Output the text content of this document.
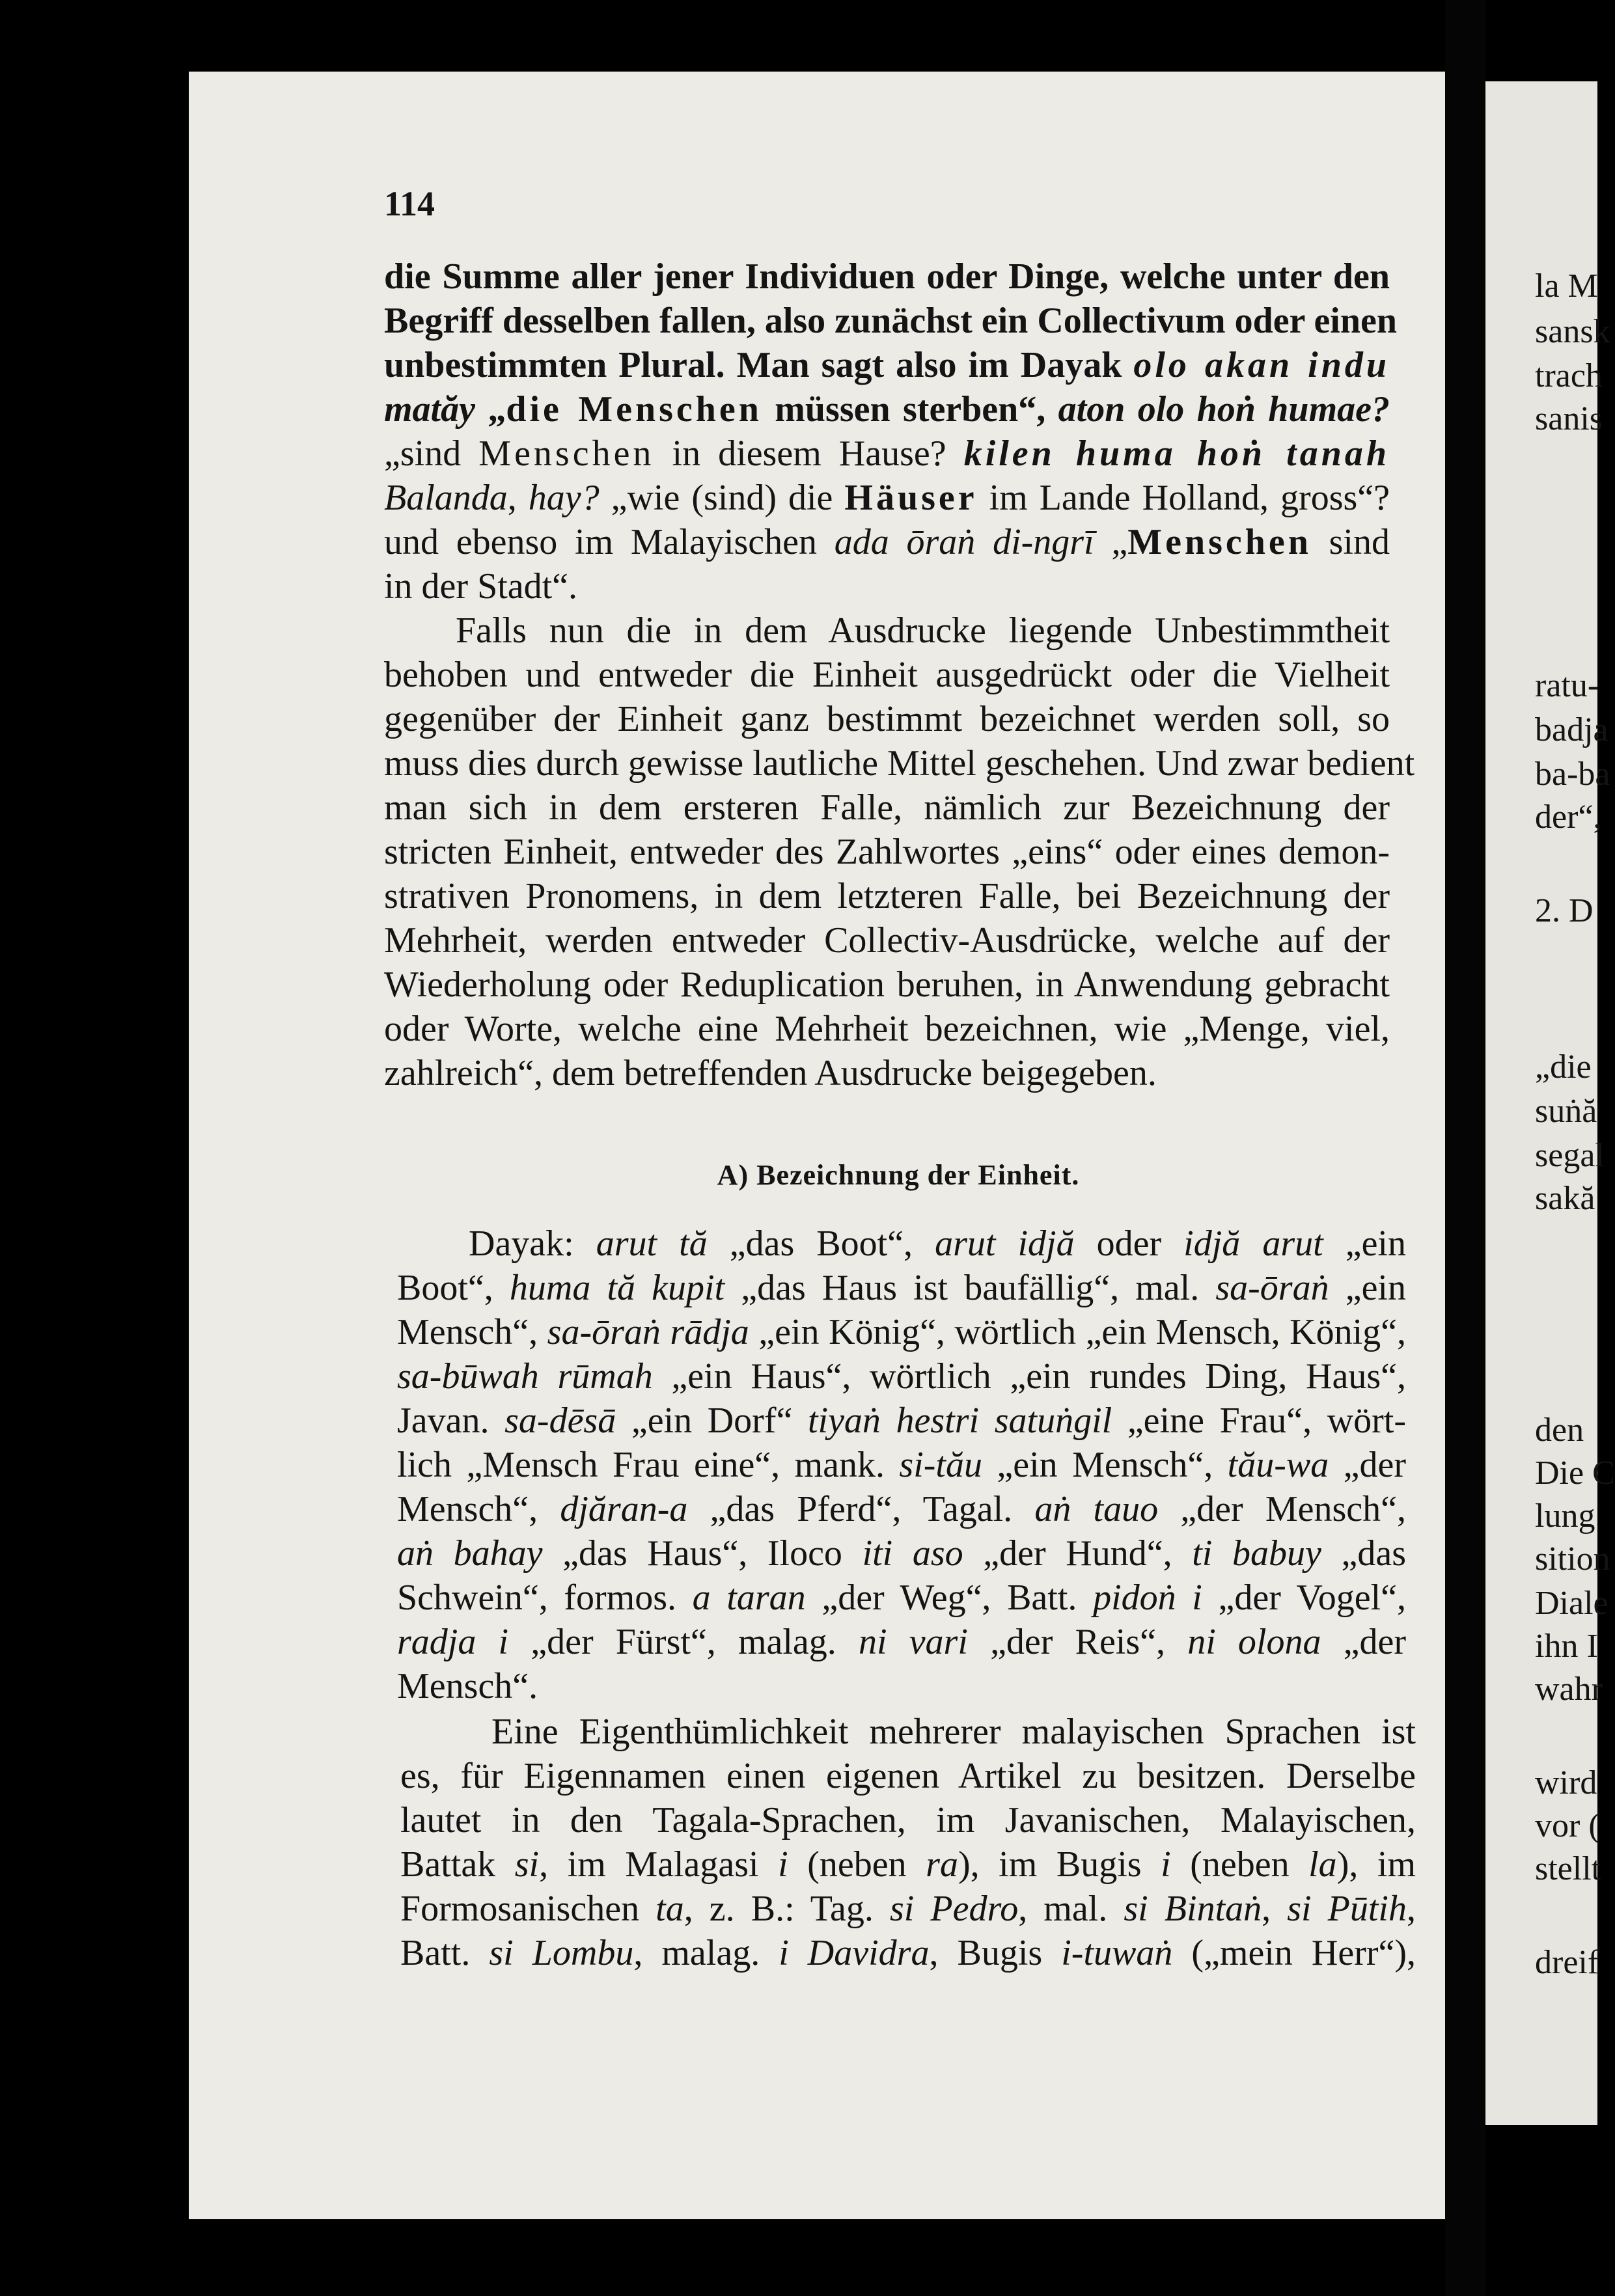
114
die Summe aller jener Individuen oder Dinge, welche unter den
Begriff desselben fallen, also zunächst ein Collectivum oder einen
unbestimmten Plural. Man sagt also im Dayak olo akan indu
matăy „die Menschen müssen sterben“, aton olo hoṅ humae?
„sind Menschen in diesem Hause? kilen huma hoṅ tanah
Balanda, hay? „wie (sind) die Häuser im Lande Holland, gross“?
und ebenso im Malayischen ada ōraṅ di-ngrī „Menschen sind
in der Stadt“.
Falls nun die in dem Ausdrucke liegende Unbestimmtheit
behoben und entweder die Einheit ausgedrückt oder die Vielheit
gegenüber der Einheit ganz bestimmt bezeichnet werden soll, so
muss dies durch gewisse lautliche Mittel geschehen. Und zwar bedient
man sich in dem ersteren Falle, nämlich zur Bezeichnung der
stricten Einheit, entweder des Zahlwortes „eins“ oder eines demon-
strativen Pronomens, in dem letzteren Falle, bei Bezeichnung der
Mehrheit, werden entweder Collectiv-Ausdrücke, welche auf der
Wiederholung oder Reduplication beruhen, in Anwendung gebracht
oder Worte, welche eine Mehrheit bezeichnen, wie „Menge, viel,
zahlreich“, dem betreffenden Ausdrucke beigegeben.
A) Bezeichnung der Einheit.
Dayak: arut tă „das Boot“, arut idjă oder idjă arut „ein
Boot“, huma tă kupit „das Haus ist baufällig“, mal. sa-ōraṅ „ein
Mensch“, sa-ōraṅ rādja „ein König“, wörtlich „ein Mensch, König“,
sa-būwah rūmah „ein Haus“, wörtlich „ein rundes Ding, Haus“,
Javan. sa-dēsā „ein Dorf“ tiyaṅ hestri satuṅgil „eine Frau“, wört-
lich „Mensch Frau eine“, mank. si-tău „ein Mensch“, tău-wa „der
Mensch“, djăran-a „das Pferd“, Tagal. aṅ tauo „der Mensch“,
aṅ bahay „das Haus“, Iloco iti aso „der Hund“, ti babuy „das
Schwein“, formos. a taran „der Weg“, Batt. pidoṅ i „der Vogel“,
radja i „der Fürst“, malag. ni vari „der Reis“, ni olona „der
Mensch“.
Eine Eigenthümlichkeit mehrerer malayischen Sprachen ist
es, für Eigennamen einen eigenen Artikel zu besitzen. Derselbe
lautet in den Tagala-Sprachen, im Javanischen, Malayischen,
Battak si, im Malagasi i (neben ra), im Bugis i (neben la), im
Formosanischen ta, z. B.: Tag. si Pedro, mal. si Bintaṅ, si Pūtih,
Batt. si Lombu, malag. i Davidra, Bugis i-tuwaṅ („mein Herr“),
la M
sansk
trach
sanis
ratu-
badja
ba-ba
der“,
2. D
„die
suṅă
segal
sakă
den
Die C
lung
sition
Diale
ihn I
wahr
wird
vor (
stellt
dreif
